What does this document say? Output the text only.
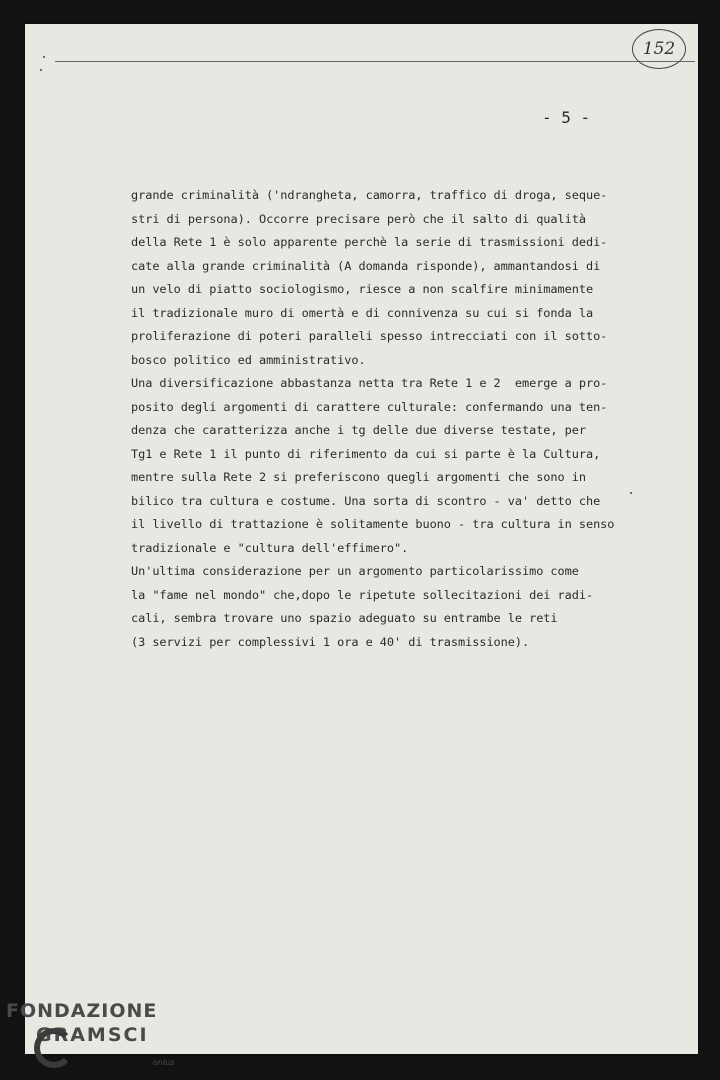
152
- 5 -
grande criminalità ('ndrangheta, camorra, traffico di droga, seque-
stri di persona). Occorre precisare però che il salto di qualità
della Rete 1 è solo apparente perchè la serie di trasmissioni dedi-
cate alla grande criminalità (A domanda risponde), ammantandosi di
un velo di piatto sociologismo, riesce a non scalfire minimamente
il tradizionale muro di omertà e di connivenza su cui si fonda la
proliferazione di poteri paralleli spesso intrecciati con il sotto-
bosco politico ed amministrativo.
Una diversificazione abbastanza netta tra Rete 1 e 2  emerge a pro-
posito degli argomenti di carattere culturale: confermando una ten-
denza che caratterizza anche i tg delle due diverse testate, per
Tg1 e Rete 1 il punto di riferimento da cui si parte è la Cultura,
mentre sulla Rete 2 si preferiscono quegli argomenti che sono in
bilico tra cultura e costume. Una sorta di scontro - va' detto che
il livello di trattazione è solitamente buono - tra cultura in senso
tradizionale e "cultura dell'effimero".
Un'ultima considerazione per un argomento particolarissimo come
la "fame nel mondo" che,dopo le ripetute sollecitazioni dei radi-
cali, sembra trovare uno spazio adeguato su entrambe le reti
(3 servizi per complessivi 1 ora e 40' di trasmissione).
FONDAZIONE
GRAMSCI
onlus
